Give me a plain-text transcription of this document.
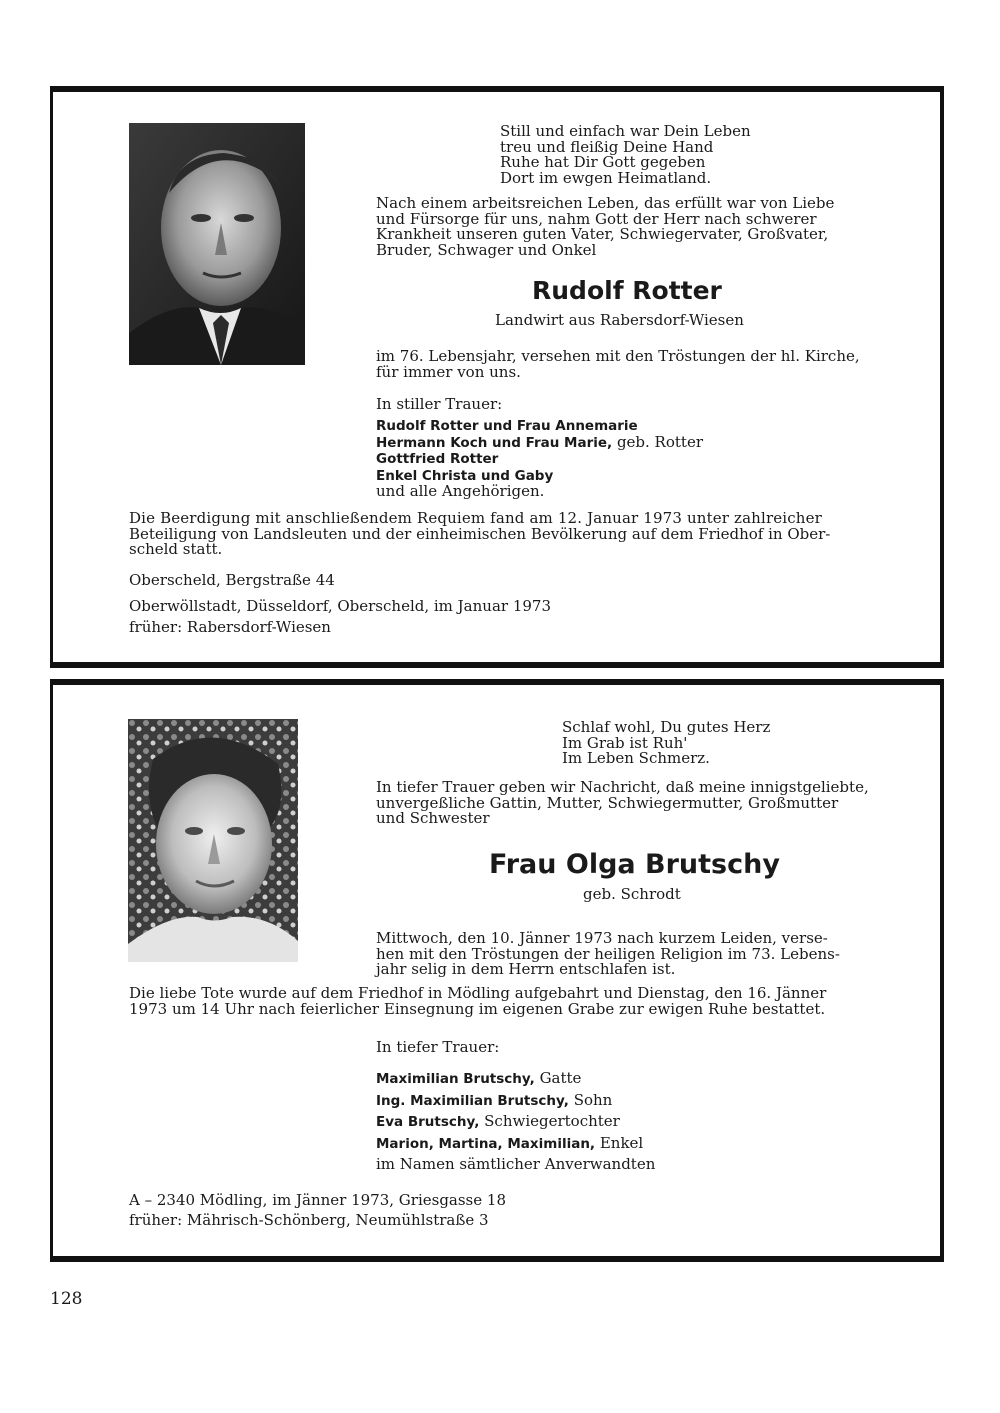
Still und einfach war Dein Leben
treu und fleißig Deine Hand
Ruhe hat Dir Gott gegeben
Dort im ewgen Heimatland.

Nach einem arbeitsreichen Leben, das erfüllt war von Liebe
und Fürsorge für uns, nahm Gott der Herr nach schwerer
Krankheit unseren guten Vater, Schwiegervater, Großvater,
Bruder, Schwager und Onkel

Rudolf Rotter

Landwirt aus Rabersdorf-Wiesen

im 76. Lebensjahr, versehen mit den Tröstungen der hl. Kirche,
für immer von uns.

In stiller Trauer:

Rudolf Rotter und Frau Annemarie
Hermann Koch und Frau Marie, geb. Rotter
Gottfried Rotter
Enkel Christa und Gaby
und alle Angehörigen.

Die Beerdigung mit anschließendem Requiem fand am 12. Januar 1973 unter zahlreicher
Beteiligung von Landsleuten und der einheimischen Bevölkerung auf dem Friedhof in Ober-
scheld statt.

Oberscheld, Bergstraße 44

Oberwöllstadt, Düsseldorf, Oberscheld, im Januar 1973

früher: Rabersdorf-Wiesen

Schlaf wohl, Du gutes Herz
Im Grab ist Ruh'
Im Leben Schmerz.

In tiefer Trauer geben wir Nachricht, daß meine innigstgeliebte,
unvergeßliche Gattin, Mutter, Schwiegermutter, Großmutter
und Schwester

Frau Olga Brutschy

geb. Schrodt

Mittwoch, den 10. Jänner 1973 nach kurzem Leiden, verse-
hen mit den Tröstungen der heiligen Religion im 73. Lebens-
jahr selig in dem Herrn entschlafen ist.

Die liebe Tote wurde auf dem Friedhof in Mödling aufgebahrt und Dienstag, den 16. Jänner
1973 um 14 Uhr nach feierlicher Einsegnung im eigenen Grabe zur ewigen Ruhe bestattet.

In tiefer Trauer:

Maximilian Brutschy, Gatte
Ing. Maximilian Brutschy, Sohn
Eva Brutschy, Schwiegertochter
Marion, Martina, Maximilian, Enkel
im Namen sämtlicher Anverwandten

A – 2340 Mödling, im Jänner 1973, Griesgasse 18

früher: Mährisch-Schönberg, Neumühlstraße 3

128
